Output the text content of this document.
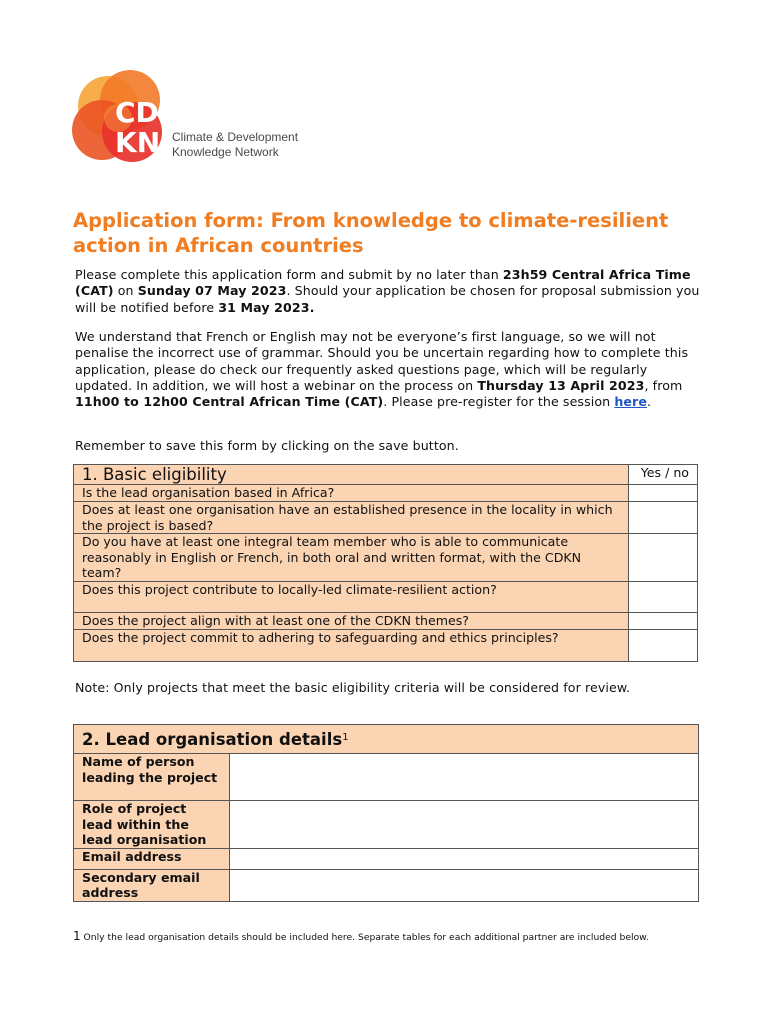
CD
KN Climate & Development
Knowledge Network
Application form: From knowledge to climate-resilient action in African countries

Please complete this application form and submit by no later than 23h59 Central Africa Time (CAT) on Sunday 07 May 2023. Should your application be chosen for proposal submission you will be notified before 31 May 2023.

We understand that French or English may not be everyone’s first language, so we will not penalise the incorrect use of grammar. Should you be uncertain regarding how to complete this application, please do check our frequently asked questions page, which will be regularly updated. In addition, we will host a webinar on the process on Thursday 13 April 2023, from 11h00 to 12h00 Central African Time (CAT). Please pre-register for the session here.

Remember to save this form by clicking on the save button.

1. Basic eligibility	Yes / no
Is the lead organisation based in Africa?	
Does at least one organisation have an established presence in the locality in which the project is based?	
Do you have at least one integral team member who is able to communicate reasonably in English or French, in both oral and written format, with the CDKN team?	
Does this project contribute to locally-led climate-resilient action?	
Does the project align with at least one of the CDKN themes?	
Does the project commit to adhering to safeguarding and ethics principles?	

Note: Only projects that meet the basic eligibility criteria will be considered for review.

2. Lead organisation details$^1$
Name of person leading the project	
Role of project lead within the lead organisation	
Email address	
Secondary email address	
1 Only the lead organisation details should be included here. Separate tables for each additional partner are included below.
